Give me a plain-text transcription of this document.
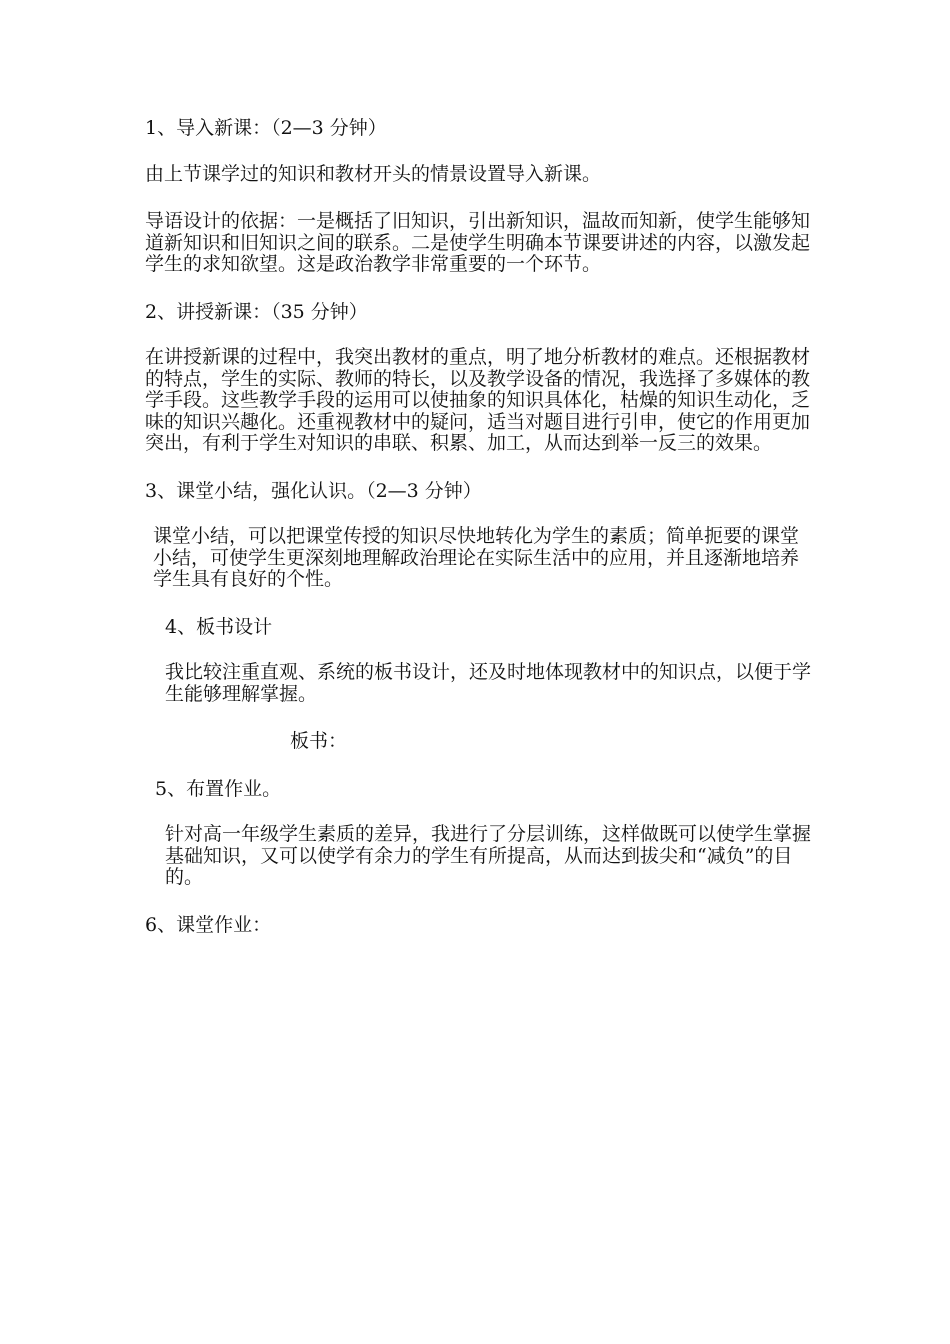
1、导入新课：（2—3 分钟）

由上节课学过的知识和教材开头的情景设置导入新课。

导语设计的依据：一是概括了旧知识，引出新知识，温故而知新，使学生能够知道新知识和旧知识之间的联系。二是使学生明确本节课要讲述的内容，以激发起学生的求知欲望。这是政治教学非常重要的一个环节。

2、讲授新课：（35 分钟）

在讲授新课的过程中，我突出教材的重点，明了地分析教材的难点。还根据教材的特点，学生的实际、教师的特长，以及教学设备的情况，我选择了多媒体的教学手段。这些教学手段的运用可以使抽象的知识具体化，枯燥的知识生动化，乏味的知识兴趣化。还重视教材中的疑问，适当对题目进行引申，使它的作用更加突出，有利于学生对知识的串联、积累、加工，从而达到举一反三的效果。

3、课堂小结，强化认识。（2—3 分钟）

课堂小结，可以把课堂传授的知识尽快地转化为学生的素质；简单扼要的课堂小结，可使学生更深刻地理解政治理论在实际生活中的应用，并且逐渐地培养学生具有良好的个性。

4、板书设计

我比较注重直观、系统的板书设计，还及时地体现教材中的知识点，以便于学生能够理解掌握。

板书：

5、布置作业。

针对高一年级学生素质的差异，我进行了分层训练，这样做既可以使学生掌握基础知识，又可以使学有余力的学生有所提高，从而达到拔尖和“减负”的目的。

6、课堂作业：
